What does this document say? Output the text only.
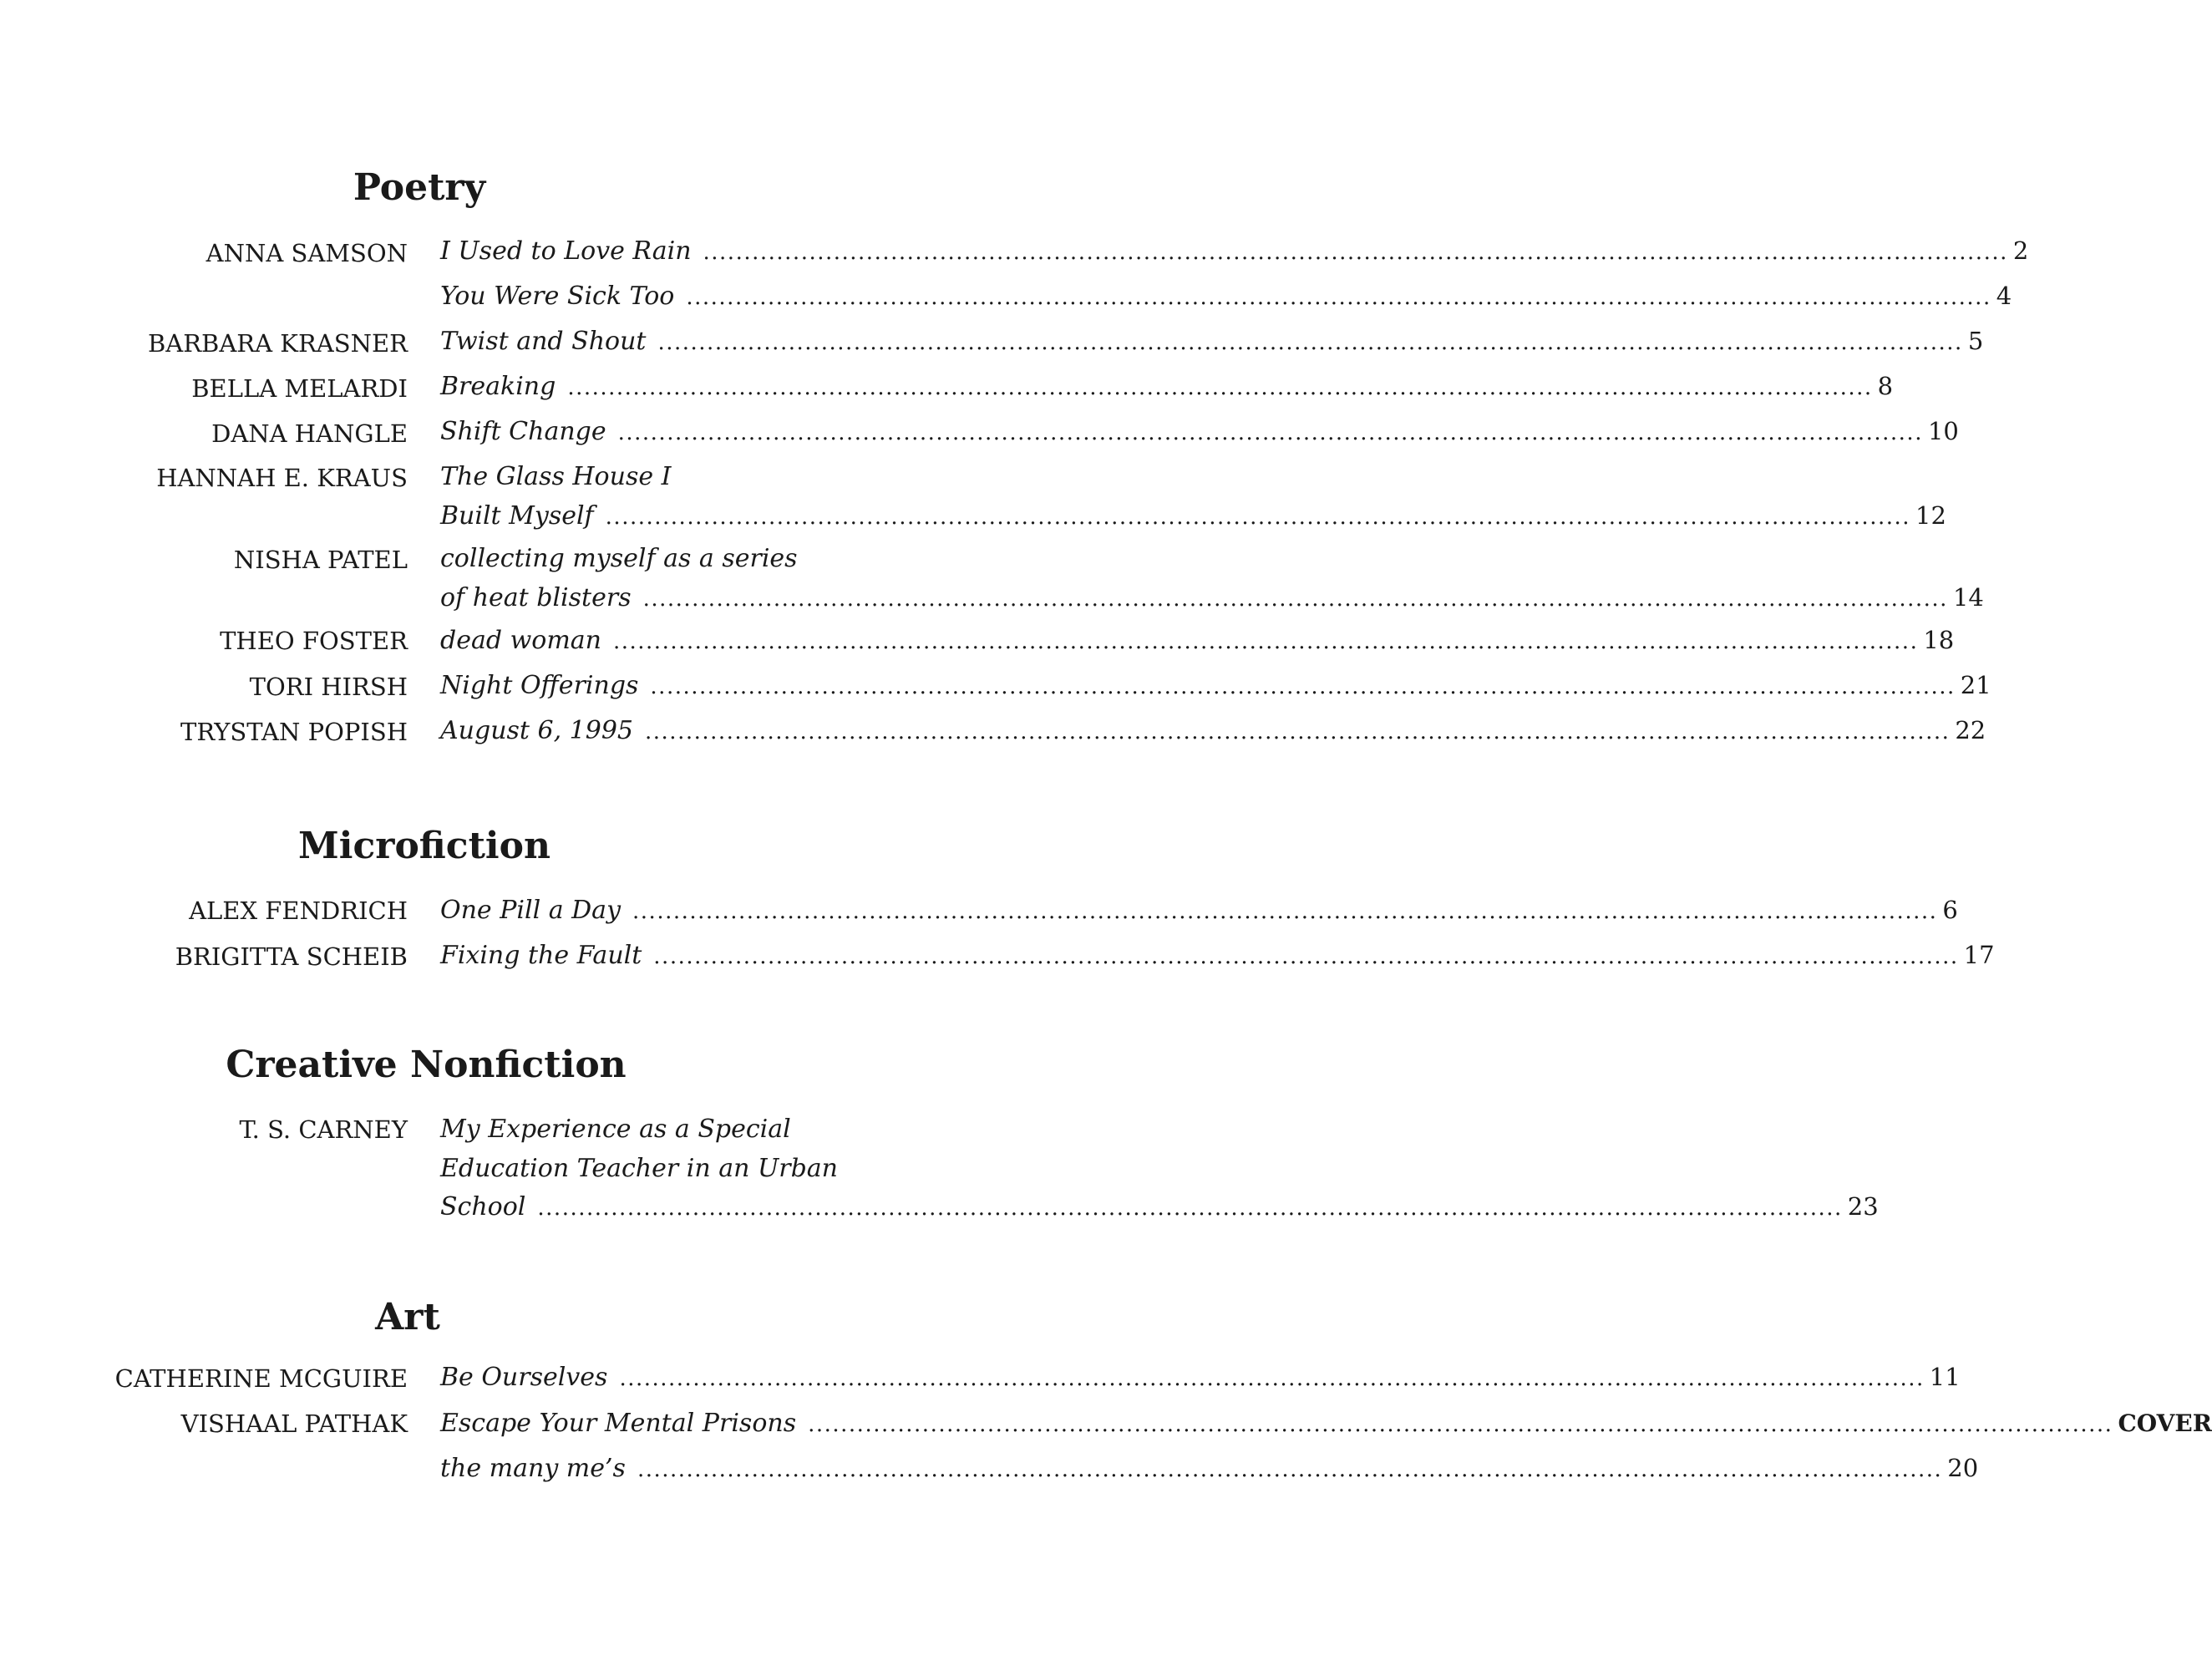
Poetry

ANNA SAMSON

BARBARA KRASNER

BELLA MELARDI

DANA HANGLE

HANNAH E. KRAUS

NISHA PATEL

THEO FOSTER

TORI HIRSH

TRYSTAN POPISH

I Used to Love Rain ................................................................................................................................................................ 2
You Were Sick Too ................................................................................................................................................................ 4
Twist and Shout ................................................................................................................................................................ 5
Breaking ................................................................................................................................................................ 8
Shift Change ................................................................................................................................................................ 10
The Glass House I
Built Myself ................................................................................................................................................................ 12
collecting myself as a series
of heat blisters ................................................................................................................................................................ 14
dead woman ................................................................................................................................................................ 18
Night Offerings ................................................................................................................................................................ 21
August 6, 1995 ................................................................................................................................................................ 22
Microfiction

ALEX FENDRICH

BRIGITTA SCHEIB

One Pill a Day ................................................................................................................................................................ 6
Fixing the Fault ................................................................................................................................................................ 17
Creative Nonfiction

T. S. CARNEY My Experience as a Special
Education Teacher in an Urban
School ................................................................................................................................................................ 23
Art

CATHERINE MCGUIRE

VISHAAL PATHAK

Be Ourselves ................................................................................................................................................................ 11
Escape Your Mental Prisons ................................................................................................................................................................ COVER
the many me’s ................................................................................................................................................................ 20
